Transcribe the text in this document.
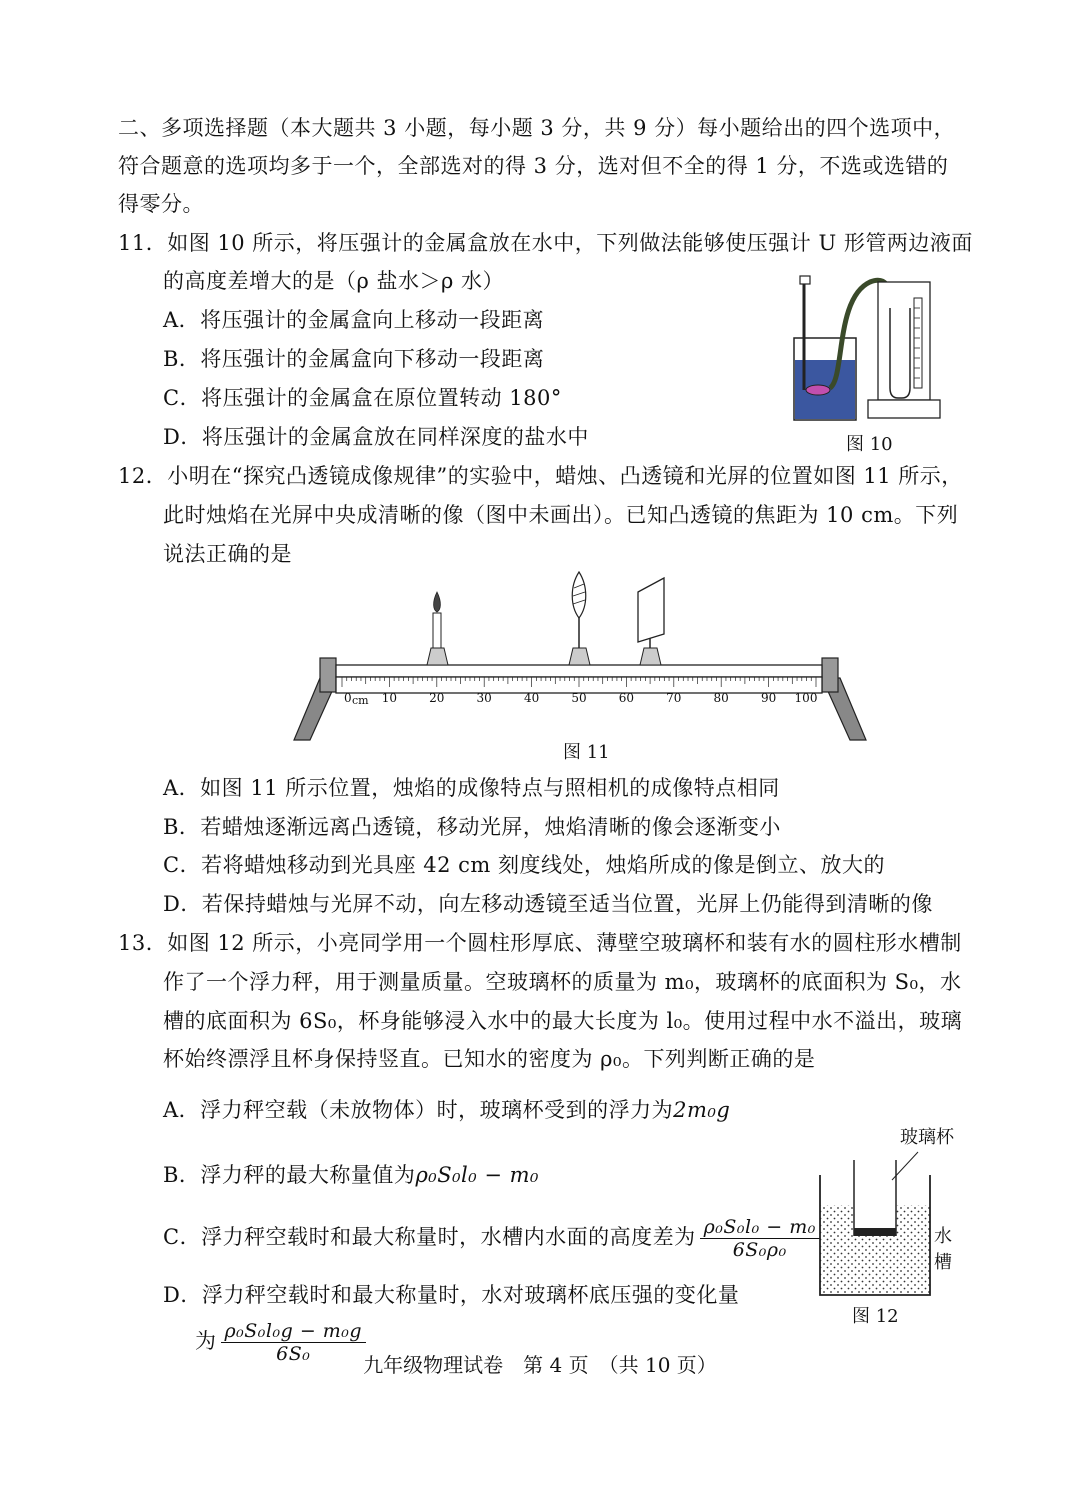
二、多项选择题（本大题共 3 小题，每小题 3 分，共 9 分）每小题给出的四个选项中，
符合题意的选项均多于一个，全部选对的得 3 分，选对但不全的得 1 分，不选或选错的
得零分。
11．如图 10 所示，将压强计的金属盒放在水中，下列做法能够使压强计 U 形管两边液面
的高度差增大的是（ρ 盐水＞ρ 水）
A．将压强计的金属盒向上移动一段距离
B．将压强计的金属盒向下移动一段距离
C．将压强计的金属盒在原位置转动 180°
D．将压强计的金属盒放在同样深度的盐水中	图 10
12．小明在“探究凸透镜成像规律”的实验中，蜡烛、凸透镜和光屏的位置如图 11 所示，
此时烛焰在光屏中央成清晰的像（图中未画出）。已知凸透镜的焦距为 10 cm。下列
说法正确的是
0	10	20	30	40	50	60	70	80	90 100
cm
图 11
A．如图 11 所示位置，烛焰的成像特点与照相机的成像特点相同
B．若蜡烛逐渐远离凸透镜，移动光屏，烛焰清晰的像会逐渐变小
C．若将蜡烛移动到光具座 42 cm 刻度线处，烛焰所成的像是倒立、放大的
D．若保持蜡烛与光屏不动，向左移动透镜至适当位置，光屏上仍能得到清晰的像
13．如图 12 所示，小亮同学用一个圆柱形厚底、薄壁空玻璃杯和装有水的圆柱形水槽制
作了一个浮力秤，用于测量质量。空玻璃杯的质量为 m₀，玻璃杯的底面积为 S₀，水
槽的底面积为 6S₀，杯身能够浸入水中的最大长度为 l₀。使用过程中水不溢出，玻璃
杯始终漂浮且杯身保持竖直。已知水的密度为 ρ₀。下列判断正确的是
A．浮力秤空载（未放物体）时，玻璃杯受到的浮力为2m₀g
B．浮力秤的最大称量值为ρ₀S₀l₀ − m₀
C．浮力秤空载时和最大称量时，水槽内水面的高度差为 $\frac{\text{ρ₀S₀l₀ − m₀}}{\text{6S₀ρ₀}}$
D．浮力秤空载时和最大称量时，水对玻璃杯底压强的变化量
为 $\frac{\text{ρ₀S₀l₀g − m₀g}}{\text{6S₀}}$
玻璃杯
水
槽
图 12
九年级物理试卷　第 4 页　（共 10 页）
